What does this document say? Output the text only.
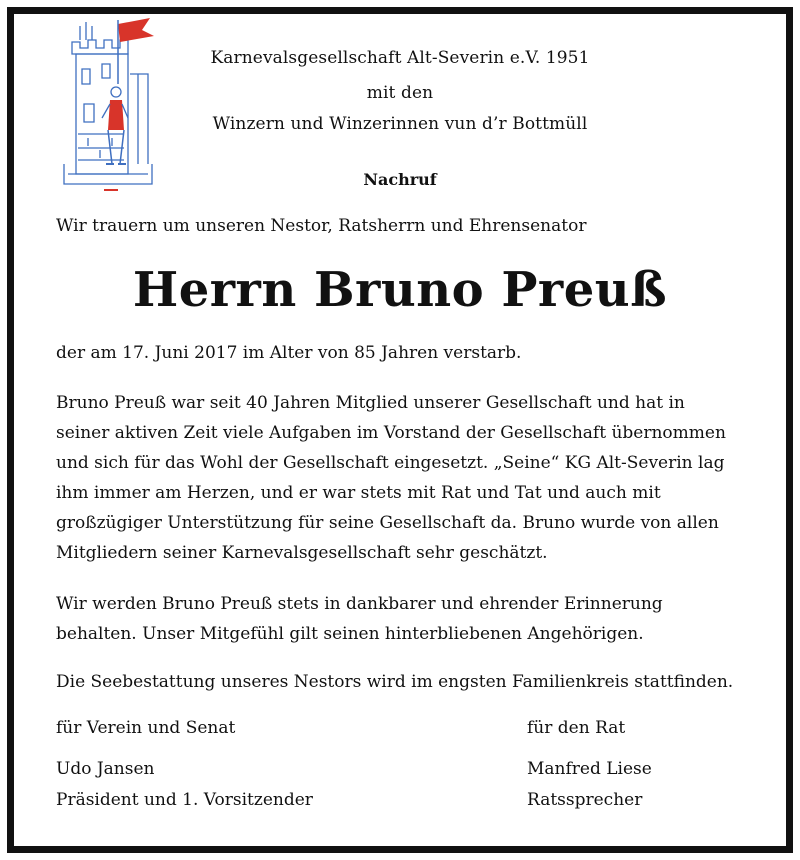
Karnevalsgesellschaft Alt-Severin e.V. 1951
mit den
Winzern und Winzerinnen vun d’r Bottmüll
Nachruf
Wir trauern um unseren Nestor, Ratsherrn und Ehrensenator
Herrn Bruno Preuß
der am 17. Juni 2017 im Alter von 85 Jahren verstarb.
Bruno Preuß war seit 40 Jahren Mitglied unserer Gesellschaft und hat in
seiner aktiven Zeit viele Aufgaben im Vorstand der Gesellschaft übernommen
und sich für das Wohl der Gesellschaft eingesetzt. „Seine“ KG Alt-Severin lag
ihm immer am Herzen, und er war stets mit Rat und Tat und auch mit
großzügiger Unterstützung für seine Gesellschaft da. Bruno wurde von allen
Mitgliedern seiner Karnevalsgesellschaft sehr geschätzt.
Wir werden Bruno Preuß stets in dankbarer und ehrender Erinnerung
behalten. Unser Mitgefühl gilt seinen hinterbliebenen Angehörigen.
Die Seebestattung unseres Nestors wird im engsten Familienkreis stattfinden.
für Verein und Senat
Udo Jansen
Präsident und 1. Vorsitzender
für den Rat
Manfred Liese
Ratssprecher
